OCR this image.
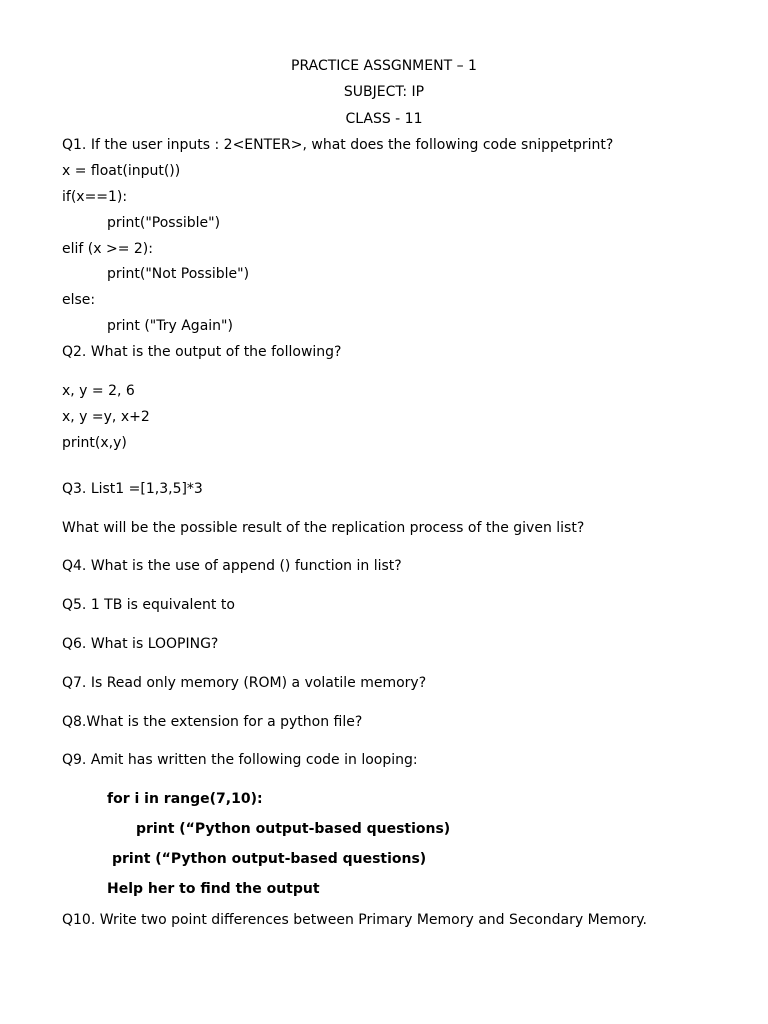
PRACTICE ASSGNMENT – 1
SUBJECT: IP
CLASS - 11
Q1. If the user inputs : 2<ENTER>, what does the following code snippetprint?
x = float(input())
if(x==1):
print("Possible")
elif (x >= 2):
print("Not Possible")
else:
print ("Try Again")
Q2. What is the output of the following?
x, y = 2, 6
x, y =y, x+2
print(x,y)
Q3. List1 =[1,3,5]*3
What will be the possible result of the replication process of the given list?
Q4. What is the use of append () function in list?
Q5. 1 TB is equivalent to
Q6. What is LOOPING?
Q7. Is Read only memory (ROM) a volatile memory?
Q8.What is the extension for a python file?
Q9. Amit has written the following code in looping:
for i in range(7,10):
print (“Python output-based questions)
print (“Python output-based questions)
Help her to find the output
Q10. Write two point differences between Primary Memory and Secondary Memory.
